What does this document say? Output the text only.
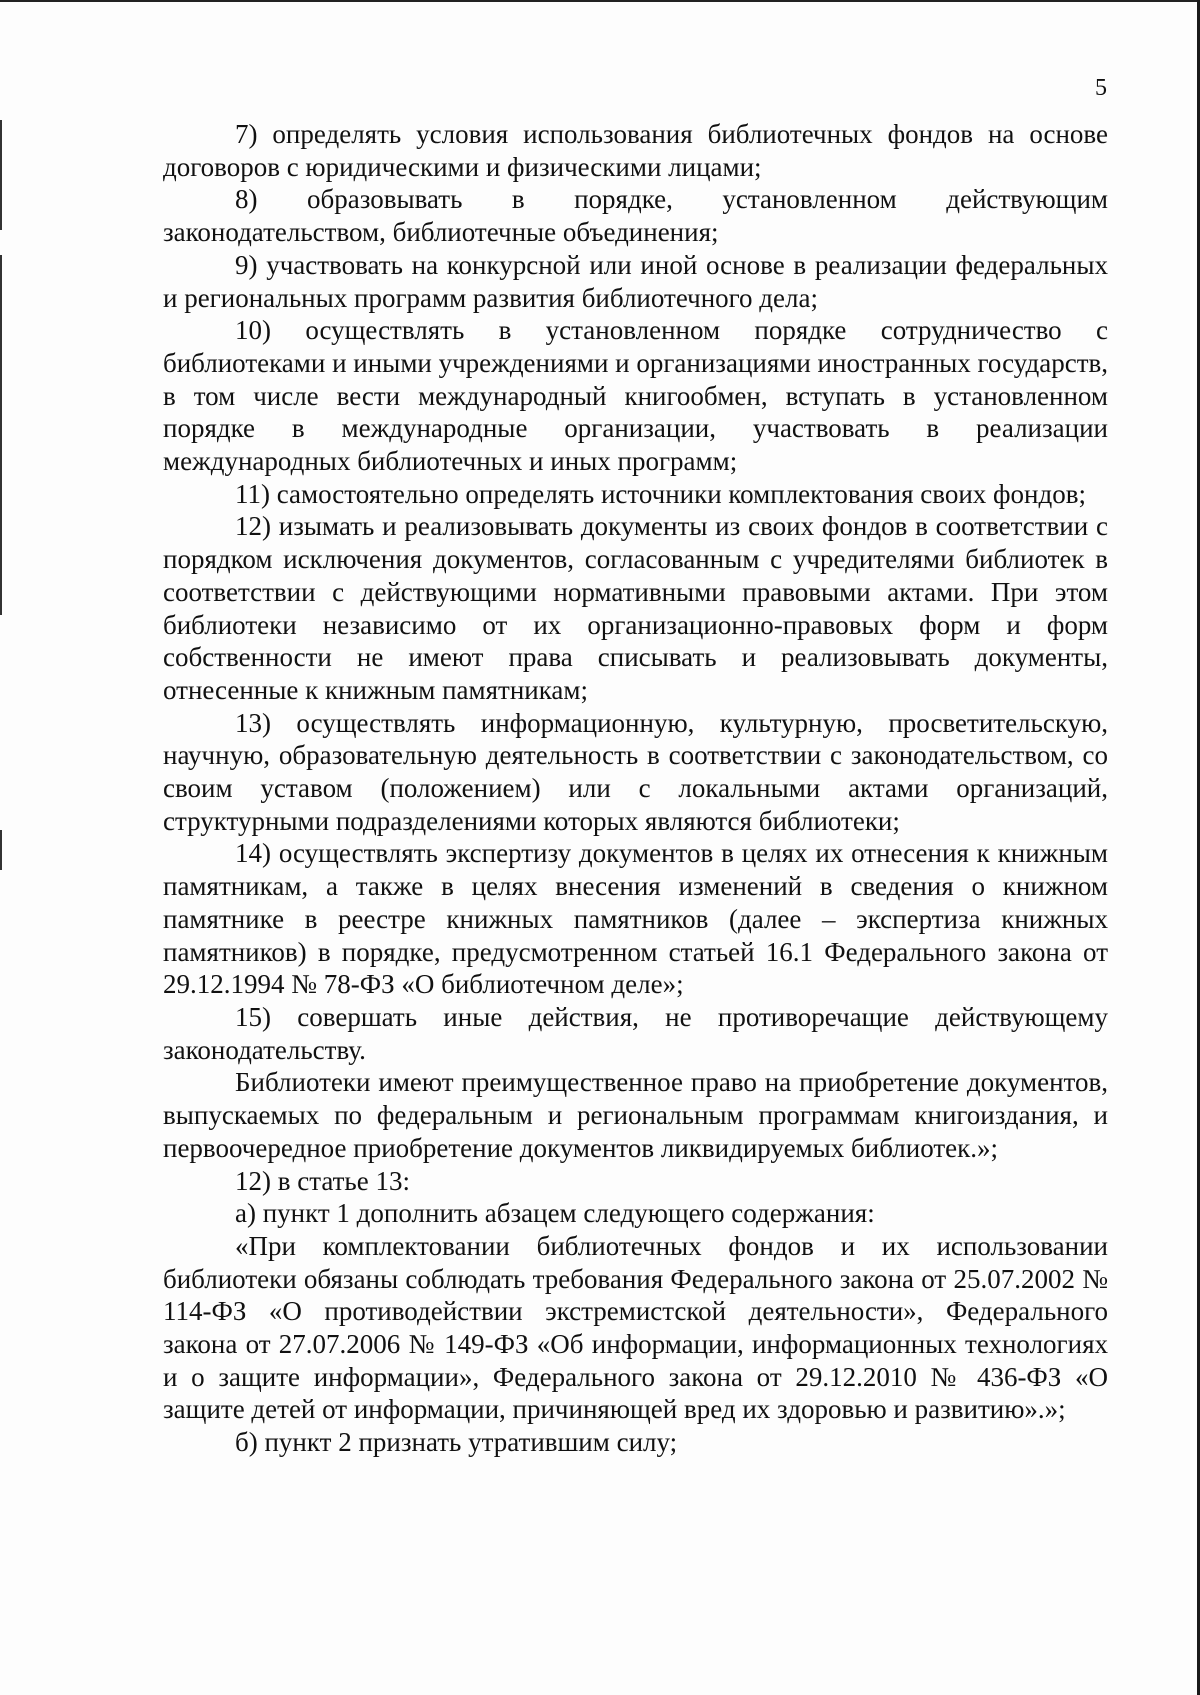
5

7) определять условия использования библиотечных фондов на основе договоров с юридическими и физическими лицами;

8) образовывать в порядке, установленном действующим законодательством, библиотечные объединения;

9) участвовать на конкурсной или иной основе в реализации федеральных и региональных программ развития библиотечного дела;

10) осуществлять в установленном порядке сотрудничество с библиотеками и иными учреждениями и организациями иностранных государств, в том числе вести международный книгообмен, вступать в установленном порядке в международные организации, участвовать в реализации международных библиотечных и иных программ;

11) самостоятельно определять источники комплектования своих фондов;

12) изымать и реализовывать документы из своих фондов в соответствии с порядком исключения документов, согласованным с учредителями библиотек в соответствии с действующими нормативными правовыми актами. При этом библиотеки независимо от их организационно-правовых форм и форм собственности не имеют права списывать и реализовывать документы, отнесенные к книжным памятникам;

13) осуществлять информационную, культурную, просветительскую, научную, образовательную деятельность в соответствии с законодательством, со своим уставом (положением) или с локальными актами организаций, структурными подразделениями которых являются библиотеки;

14) осуществлять экспертизу документов в целях их отнесения к книжным памятникам, а также в целях внесения изменений в сведения о книжном памятнике в реестре книжных памятников (далее – экспертиза книжных памятников) в порядке, предусмотренном статьей 16.1 Федерального закона от 29.12.1994 № 78-ФЗ «О библиотечном деле»;

15) совершать иные действия, не противоречащие действующему законодательству.

Библиотеки имеют преимущественное право на приобретение документов, выпускаемых по федеральным и региональным программам книгоиздания, и первоочередное приобретение документов ликвидируемых библиотек.»;

12) в статье 13:

а) пункт 1 дополнить абзацем следующего содержания:

«При комплектовании библиотечных фондов и их использовании библиотеки обязаны соблюдать требования Федерального закона от 25.07.2002 № 114-ФЗ «О противодействии экстремистской деятельности», Федерального закона от 27.07.2006 № 149-ФЗ «Об информации, информационных технологиях и о защите информации», Федерального закона от 29.12.2010 № 436-ФЗ «О защите детей от информации, причиняющей вред их здоровью и развитию».»;

б) пункт 2 признать утратившим силу;
